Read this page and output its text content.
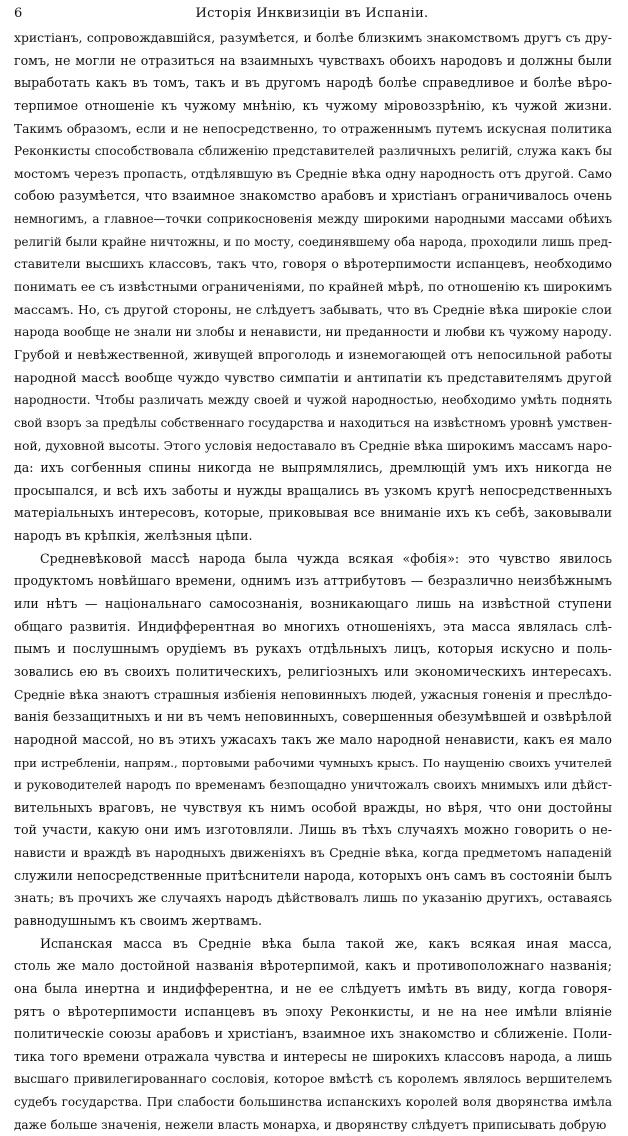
6	Исторія Инквизиціи въ Испаніи.
христіанъ, сопровождавшійся, разумѣется, и болѣе близкимъ знакомствомъ другъ съ дру-
гомъ, не могли не отразиться на взаимныхъ чувствахъ обоихъ народовъ и должны были
выработать какъ въ томъ, такъ и въ другомъ народѣ болѣе справедливое и болѣе вѣро-
терпимое отношеніе къ чужому мнѣнію, къ чужому міровоззрѣнію, къ чужой жизни.
Такимъ образомъ, если и не непосредственно, то отраженнымъ путемъ искусная политика
Реконкисты способствовала сближенію представителей различныхъ религій, служа какъ бы
мостомъ черезъ пропасть, отдѣлявшую въ Средніе вѣка одну народность отъ другой. Само
собою разумѣется, что взаимное знакомство арабовъ и христіанъ ограничивалось очень
немногимъ, а главное—точки соприкосновенія между широкими народными массами обѣихъ
религій были крайне ничтожны, и по мосту, соединявшему оба народа, проходили лишь пред-
ставители высшихъ классовъ, такъ что, говоря о вѣротерпимости испанцевъ, необходимо
понимать ее съ извѣстными ограниченіями, по крайней мѣрѣ, по отношенію къ широкимъ
массамъ. Но, съ другой стороны, не слѣдуетъ забывать, что въ Средніе вѣка широкіе слои
народа вообще не знали ни злобы и ненависти, ни преданности и любви къ чужому народу.
Грубой и невѣжественной, живущей впроголодь и изнемогающей отъ непосильной работы
народной массѣ вообще чуждо чувство симпатіи и антипатіи къ представителямъ другой
народности. Чтобы различать между своей и чужой народностью, необходимо умѣть поднять
свой взоръ за предѣлы собственнаго государства и находиться на извѣстномъ уровнѣ умствен-
ной, духовной высоты. Этого условія недоставало въ Средніе вѣка широкимъ массамъ наро-
да: ихъ согбенныя спины никогда не выпрямлялись, дремлющій умъ ихъ никогда не
просыпался, и всѣ ихъ заботы и нужды вращались въ узкомъ кругѣ непосредственныхъ
матеріальныхъ интересовъ, которые, приковывая все вниманіе ихъ къ себѣ, заковывали
народъ въ крѣпкія, желѣзныя цѣпи.
Средневѣковой массѣ народа была чужда всякая «фобія»: это чувство явилось
продуктомъ новѣйшаго времени, однимъ изъ аттрибутовъ — безразлично неизбѣжнымъ
или нѣтъ — національнаго самосознанія, возникающаго лишь на извѣстной ступени
общаго развитія. Индифферентная во многихъ отношеніяхъ, эта масса являлась слѣ-
пымъ и послушнымъ орудіемъ въ рукахъ отдѣльныхъ лицъ, которыя искусно и поль-
зовались ею въ своихъ политическихъ, религіозныхъ или экономическихъ интересахъ.
Средніе вѣка знаютъ страшныя избіенія неповинныхъ людей, ужасныя гоненія и преслѣдо-
ванія беззащитныхъ и ни въ чемъ неповинныхъ, совершенныя обезумѣвшей и озвѣрѣлой
народной массой, но въ этихъ ужасахъ такъ же мало народной ненависти, какъ ея мало
при истребленіи, напрям., портовыми рабочими чумныхъ крысъ. По наущенію своихъ учителей
и руководителей народъ по временамъ безпощадно уничтожалъ своихъ мнимыхъ или дѣйст-
вительныхъ враговъ, не чувствуя къ нимъ особой вражды, но вѣря, что они достойны
той участи, какую они имъ изготовляли. Лишь въ тѣхъ случаяхъ можно говорить о не-
нависти и враждѣ въ народныхъ движеніяхъ въ Средніе вѣка, когда предметомъ нападеній
служили непосредственные притѣснители народа, которыхъ онъ самъ въ состояніи былъ
знать; въ прочихъ же случаяхъ народъ дѣйствовалъ лишь по указанію другихъ, оставаясь
равнодушнымъ къ своимъ жертвамъ.
Испанская масса въ Средніе вѣка была такой же, какъ всякая иная масса,
столь же мало достойной названія вѣротерпимой, какъ и противоположнаго названія;
она была инертна и индифферентна, и не ее слѣдуетъ имѣть въ виду, когда говоря-
рятъ о вѣротерпимости испанцевъ въ эпоху Реконкисты, и не на нее имѣли вліяніе
политическіе союзы арабовъ и христіанъ, взаимное ихъ знакомство и сближеніе. Поли-
тика того времени отражала чувства и интересы не широкихъ классовъ народа, а лишь
высшаго привилегированнаго сословія, которое вмѣстѣ съ королемъ являлось вершителемъ
судебъ государства. При слабости большинства испанскихъ королей воля дворянства имѣла
даже больше значенія, нежели власть монарха, и дворянству слѣдуетъ приписывать добрую
